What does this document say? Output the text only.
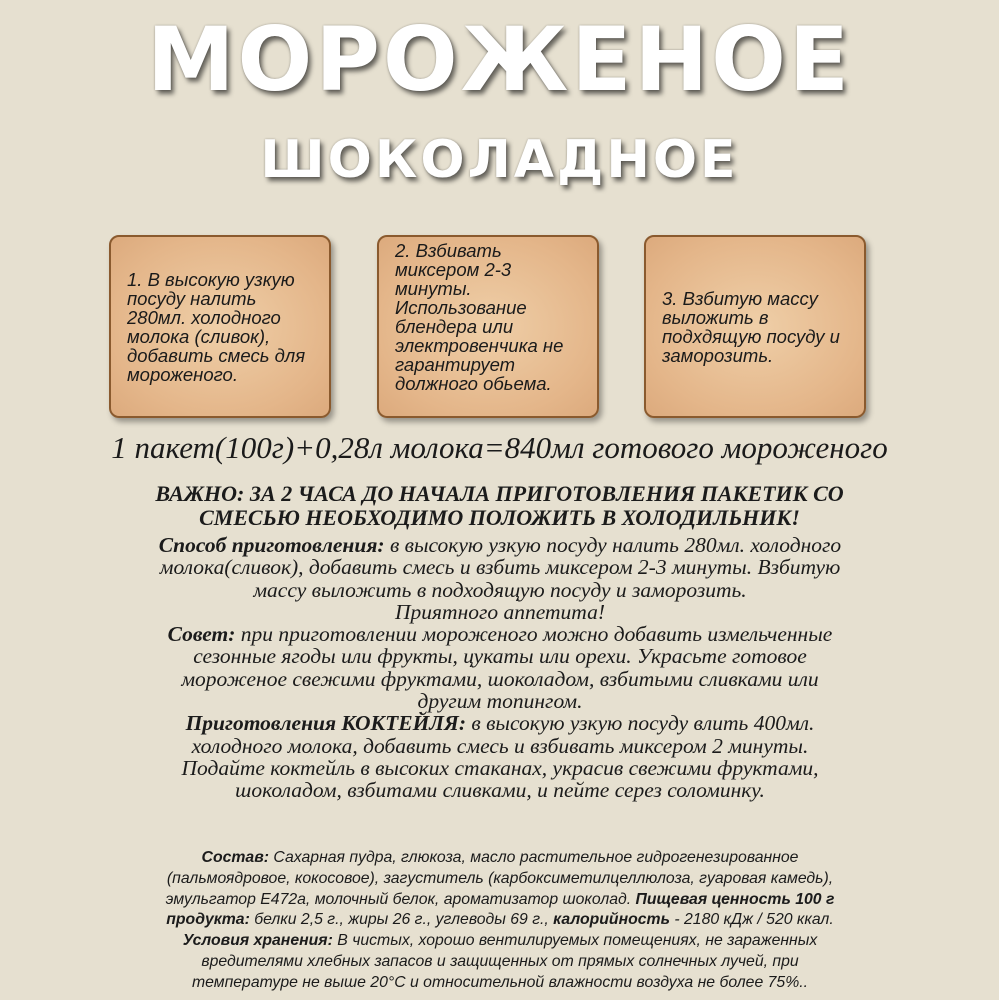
МОРОЖЕНОЕ
ШОКОЛАДНОЕ
1. В высокую узкую
посуду налить
280мл. холодного
молока (сливок),
добавить смесь для
мороженого.
2. Взбивать
миксером 2-3
минуты.
Использование
блендера или
электровенчика не
гарантирует
должного обьема.
3. Взбитую массу
выложить в
подхдящую посуду и
заморозить.
1 пакет(100г)+0,28л молока=840мл готового мороженого
ВАЖНО: ЗА 2 ЧАСА ДО НАЧАЛА ПРИГОТОВЛЕНИЯ ПАКЕТИК СО
СМЕСЬЮ НЕОБХОДИМО ПОЛОЖИТЬ В ХОЛОДИЛЬНИК!

Способ приготовления: в высокую узкую посуду налить 280мл. холодного
молока(сливок), добавить смесь и взбить миксером 2-3 минуты. Взбитую
массу выложить в подходящую посуду и заморозить.

Приятного аппетита!

Совет: при приготовлении мороженого можно добавить измельченные
сезонные ягоды или фрукты, цукаты или орехи. Украсьте готовое
мороженое свежими фруктами, шоколадом, взбитыми сливками или
другим топингом.

Приготовления КОКТЕЙЛЯ: в высокую узкую посуду влить 400мл.
холодного молока, добавить смесь и взбивать миксером 2 минуты.
Подайте коктейль в высоких стаканах, украсив свежими фруктами,
шоколадом, взбитами сливками, и пейте серез соломинку.

Состав: Сахарная пудра, глюкоза, масло растительное гидрогенезированное
(пальмоядровое, кокосовое), загуститель (карбоксиметилцеллюлоза, гуаровая камедь),
эмульгатор Е472а, молочный белок, ароматизатор шоколад. Пищевая ценность 100 г
продукта: белки 2,5 г., жиры 26 г., углеводы 69 г., калорийность - 2180 кДж / 520 ккал.

Условия хранения: В чистых, хорошо вентилируемых помещениях, не зараженных
вредителями хлебных запасов и защищенных от прямых солнечных лучей, при
температуре не выше 20°С и относительной влажности воздуха не более 75%..
